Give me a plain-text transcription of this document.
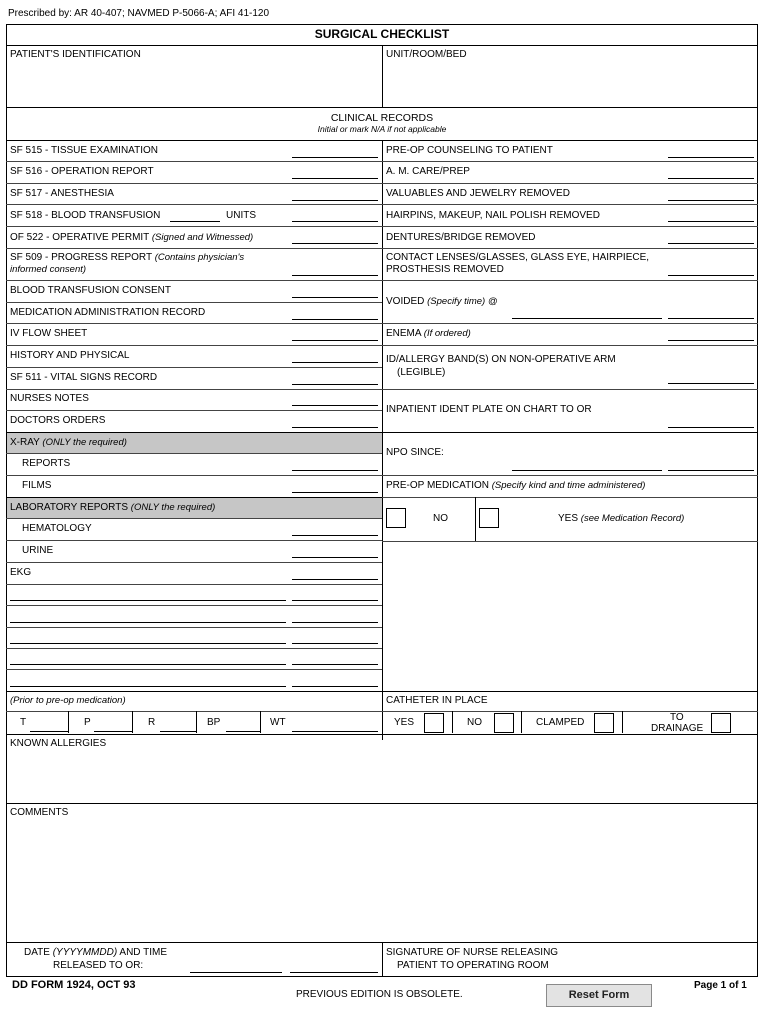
Prescribed by: AR 40-407; NAVMED P-5066-A; AFI 41-120
SURGICAL CHECKLIST
PATIENT'S IDENTIFICATION	UNIT/ROOM/BED
CLINICAL RECORDS
Initial or mark N/A if not applicable
SF 515 - TISSUE EXAMINATION
SF 516 - OPERATION REPORT
SF 517 - ANESTHESIA
SF 518 - BLOOD TRANSFUSION	UNITS
OF 522 - OPERATIVE PERMIT (Signed and Witnessed)
SF 509 - PROGRESS REPORT (Contains physician's informed consent)
BLOOD TRANSFUSION CONSENT
MEDICATION ADMINISTRATION RECORD
IV FLOW SHEET
HISTORY AND PHYSICAL
SF 511 - VITAL SIGNS RECORD
NURSES NOTES
DOCTORS ORDERS
X-RAY (ONLY the required)
REPORTS
FILMS
LABORATORY REPORTS (ONLY the required)
HEMATOLOGY
URINE
EKG
PRE-OP COUNSELING TO PATIENT
A. M. CARE/PREP
VALUABLES AND JEWELRY REMOVED
HAIRPINS, MAKEUP, NAIL POLISH REMOVED
DENTURES/BRIDGE REMOVED
CONTACT LENSES/GLASSES, GLASS EYE, HAIRPIECE, PROSTHESIS REMOVED
VOIDED (Specify time) @
ENEMA (If ordered)
ID/ALLERGY BAND(S) ON NON-OPERATIVE ARM
(LEGIBLE)
INPATIENT IDENT PLATE ON CHART TO OR
NPO SINCE:
PRE-OP MEDICATION (Specify kind and time administered)
NO	YES (see Medication Record)
(Prior to pre-op medication)
T	P	R	BP	WT
CATHETER IN PLACE
YES	NO	CLAMPED	TO
DRAINAGE
KNOWN ALLERGIES
COMMENTS
DATE (YYYYMMDD) AND TIME
RELEASED TO OR:
SIGNATURE OF NURSE RELEASING
PATIENT TO OPERATING ROOM
DD FORM 1924, OCT 93
PREVIOUS EDITION IS OBSOLETE.	Reset Form
Page 1 of 1
